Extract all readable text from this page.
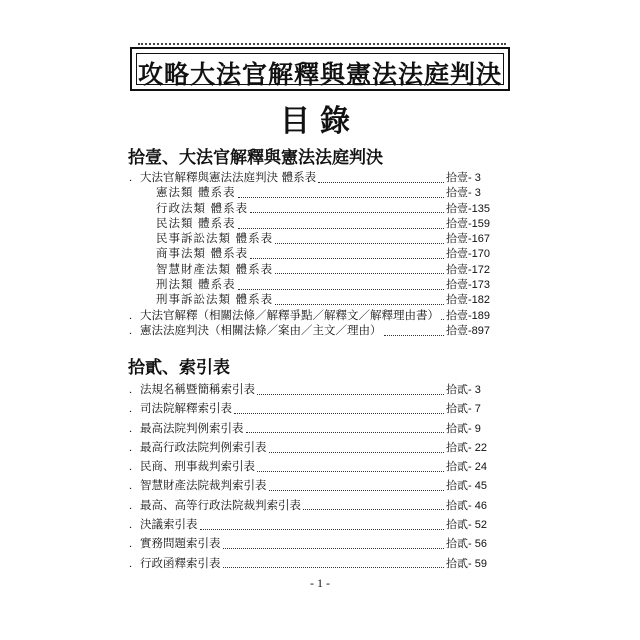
攻略大法官解釋與憲法法庭判決
目錄
拾壹、大法官解釋與憲法法庭判決
． 大法官解釋與憲法法庭判決 體系表	拾壹- 3
憲法類 體系表	拾壹- 3
行政法類 體系表	拾壹-135
民法類 體系表	拾壹-159
民事訴訟法類 體系表	拾壹-167
商事法類 體系表	拾壹-170
智慧財產法類 體系表	拾壹-172
刑法類 體系表	拾壹-173
刑事訴訟法類 體系表	拾壹-182
． 大法官解釋（相關法條／解釋爭點／解釋文／解釋理由書） 拾壹-189
． 憲法法庭判決（相關法條／案由／主文／理由）	拾壹-897
拾貳、索引表
． 法規名稱暨簡稱索引表	拾貳- 3
． 司法院解釋索引表	拾貳- 7
． 最高法院判例索引表	拾貳- 9
． 最高行政法院判例索引表	拾貳- 22
． 民商、刑事裁判索引表	拾貳- 24
． 智慧財產法院裁判索引表	拾貳- 45
． 最高、高等行政法院裁判索引表	拾貳- 46
． 決議索引表	拾貳- 52
． 實務問題索引表	拾貳- 56
． 行政函釋索引表	拾貳- 59
- 1 -
